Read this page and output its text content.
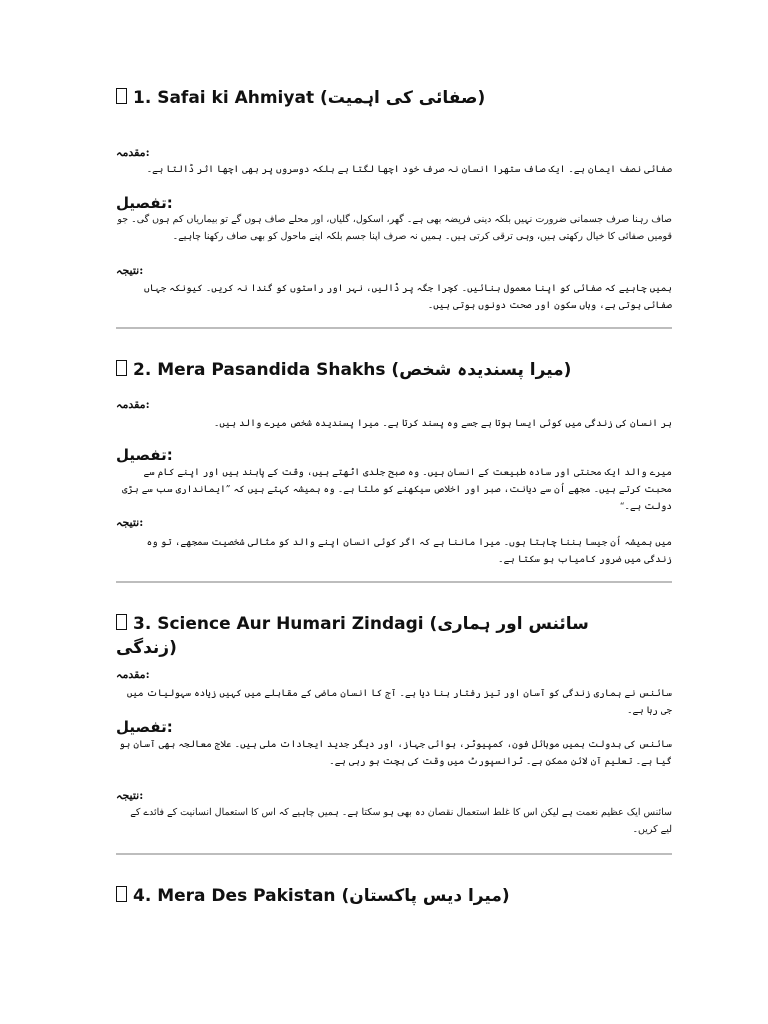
1. Safai ki Ahmiyat (صفائی کی اہمیت)
مقدمہ:
صفائی نصف ایمان ہے۔ ایک صاف ستھرا انسان نہ صرف خود اچھا لگتا ہے بلکہ دوسروں پر بھی اچھا اثر ڈالتا ہے۔
تفصیل:
صاف رہنا صرف جسمانی ضرورت نہیں بلکہ دینی فریضہ بھی ہے۔ گھر، اسکول، گلیاں، اور محلے صاف ہوں گے تو بیماریاں کم ہوں گی۔ جو قومیں صفائی کا خیال رکھتی ہیں، وہی ترقی کرتی ہیں۔ ہمیں نہ صرف اپنا جسم بلکہ اپنے ماحول کو بھی صاف رکھنا چاہیے۔
نتیجہ:
ہمیں چاہیے کہ صفائی کو اپنا معمول بنائیں۔ کچرا جگہ پر ڈالیں، نہر اور راستوں کو گندا نہ کریں۔ کیونکہ جہاں صفائی ہوتی ہے، وہاں سکون اور صحت دونوں ہوتی ہیں۔
2. Mera Pasandida Shakhs (میرا پسندیدہ شخص)
مقدمہ:
ہر انسان کی زندگی میں کوئی ایسا ہوتا ہے جسے وہ پسند کرتا ہے۔ میرا پسندیدہ شخص میرے والد ہیں۔
تفصیل:
میرے والد ایک محنتی اور سادہ طبیعت کے انسان ہیں۔ وہ صبح جلدی اٹھتے ہیں، وقت کے پابند ہیں اور اپنے کام سے محبت کرتے ہیں۔ مجھے اُن سے دیانت، صبر اور اخلاص سیکھنے کو ملتا ہے۔ وہ ہمیشہ کہتے ہیں کہ ”ایمانداری سب سے بڑی دولت ہے۔“
نتیجہ:
میں ہمیشہ اُن جیسا بننا چاہتا ہوں۔ میرا ماننا ہے کہ اگر کوئی انسان اپنے والد کو مثالی شخصیت سمجھے، تو وہ زندگی میں ضرور کامیاب ہو سکتا ہے۔
3. Science Aur Humari Zindagi (سائنس اور ہماری زندگی)
مقدمہ:
سائنس نے ہماری زندگی کو آسان اور تیز رفتار بنا دیا ہے۔ آج کا انسان ماضی کے مقابلے میں کہیں زیادہ سہولیات میں جی رہا ہے۔
تفصیل:
سائنس کی بدولت ہمیں موبائل فون، کمپیوٹر، ہوائی جہاز، اور دیگر جدید ایجادات ملی ہیں۔ علاج معالجہ بھی آسان ہو گیا ہے۔ تعلیم آن لائن ممکن ہے۔ ٹرانسپورٹ میں وقت کی بچت ہو رہی ہے۔
نتیجہ:
سائنس ایک عظیم نعمت ہے لیکن اس کا غلط استعمال نقصان دہ بھی ہو سکتا ہے۔ ہمیں چاہیے کہ اس کا استعمال انسانیت کے فائدے کے لیے کریں۔
4. Mera Des Pakistan (میرا دیس پاکستان)
